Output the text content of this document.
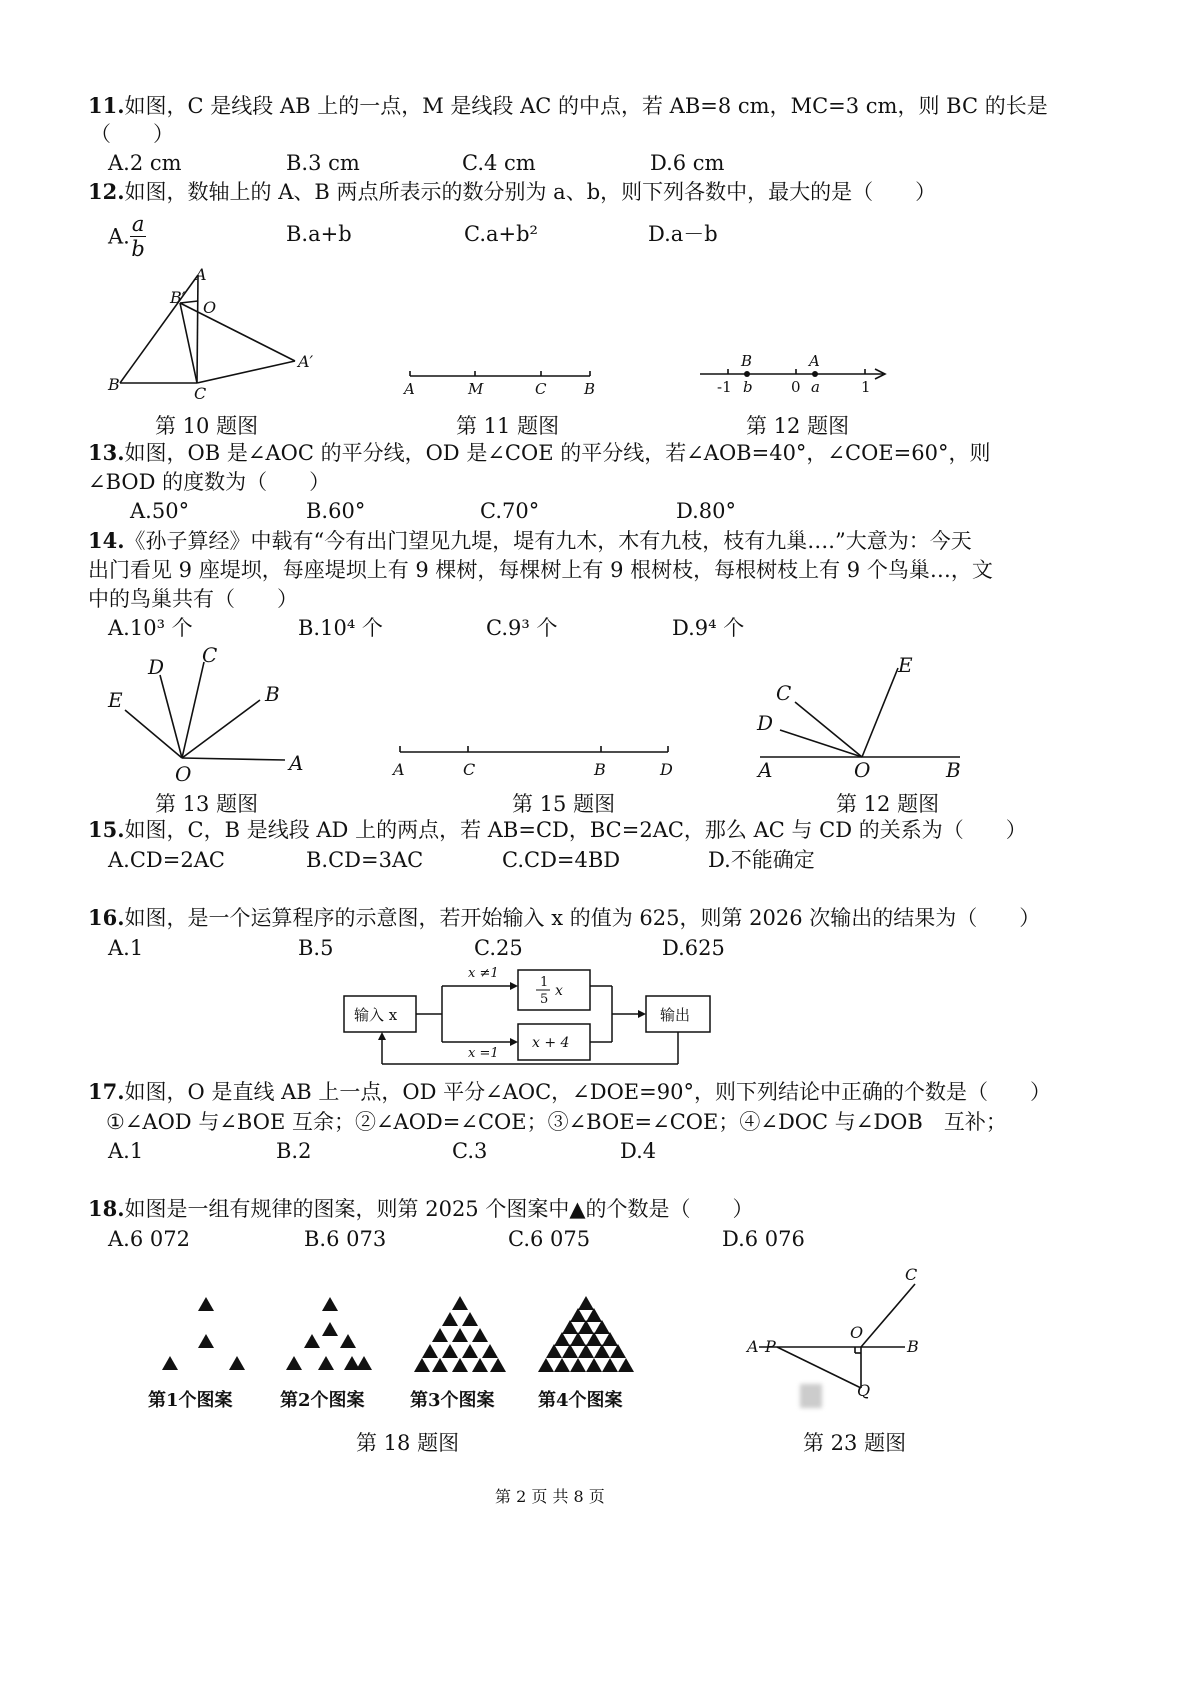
11.如图，C 是线段 AB 上的一点，M 是线段 AC 的中点，若 AB=8 cm，MC=3 cm，则 BC 的长是
（　　）
A.2 cm	B.3 cm	C.4 cm	D.6 cm
12.如图，数轴上的 A、B 两点所表示的数分别为 a、b，则下列各数中，最大的是（　　）
A. $\frac{a}{b}$	B.a+b	C.a+b²	D.a－b
A
B′
O
A′
B	C
第 10 题图
A	M	C	B
第 11 题图
B	A
-1 b	0 a	1
第 12 题图
13.如图，OB 是∠AOC 的平分线，OD 是∠COE 的平分线，若∠AOB=40°，∠COE=60°，则
∠BOD 的度数为（　　）
A.50°	B.60°	C.70°	D.80°
14.《孙子算经》中载有“今有出门望见九堤，堤有九木，木有九枝，枝有九巢….”大意为：今天
出门看见 9 座堤坝，每座堤坝上有 9 棵树，每棵树上有 9 根树枝，每根树枝上有 9 个鸟巢…，文
中的鸟巢共有（　　）
A.10³ 个	B.10⁴ 个	C.9³ 个	D.9⁴ 个
D C
E	B
O	A
第 13 题图
A	C	B	D
第 15 题图
E
C
D
A	O	B
第 12 题图
15.如图，C，B 是线段 AD 上的两点，若 AB=CD，BC=2AC，那么 AC 与 CD 的关系为（　　）
A.CD=2AC	B.CD=3AC	C.CD=4BD	D.不能确定
16.如图，是一个运算程序的示意图，若开始输入 x 的值为 625，则第 2026 次输出的结果为（　　）
A.1	B.5	C.25	D.625
输入 x	输出
x ≠1
x =1
1
5
x
x + 4
17.如图，O 是直线 AB 上一点，OD 平分∠AOC，∠DOE=90°，则下列结论中正确的个数是（　　）
①∠AOD 与∠BOE 互余；②∠AOD=∠COE；③∠BOE=∠COE；④∠DOC 与∠DOB　互补；
A.1	B.2	C.3	D.4
18.如图是一组有规律的图案，则第 2025 个图案中▲的个数是（　　）
A.6 072	B.6 073	C.6 075	D.6 076
第1个图案	第2个图案	第3个图案 第4个图案
第 18 题图
C
O
A P	B
Q
第 23 题图
第 2 页 共 8 页
